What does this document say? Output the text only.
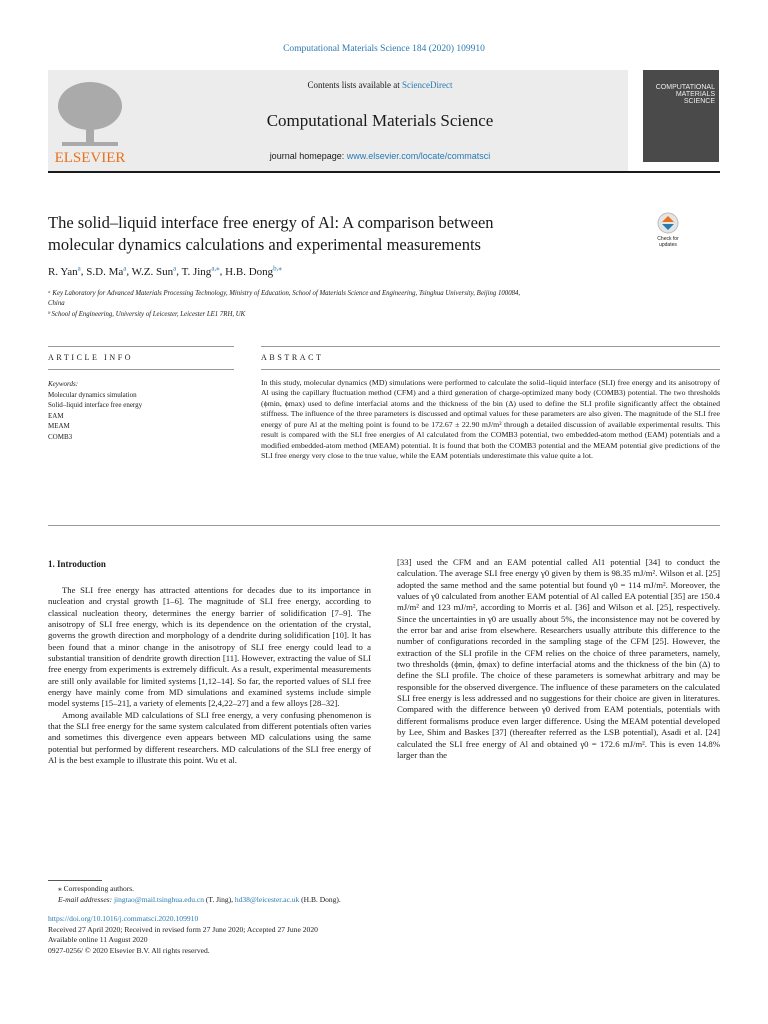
Computational Materials Science 184 (2020) 109910
ELSEVIER
Contents lists available at ScienceDirect
Computational Materials Science
journal homepage: www.elsevier.com/locate/commatsci
COMPUTATIONAL
MATERIALS
SCIENCE
The solid–liquid interface free energy of Al: A comparison between
molecular dynamics calculations and experimental measurements	Check for updates
R. Yan$^a$, S.D. Ma$^a$, W.Z. Sun$^a$, T. Jing$^{a,⁎}$, H.B. Dong$^{b,⁎}$
ᵃ Key Laboratory for Advanced Materials Processing Technology, Ministry of Education, School of Materials Science and Engineering, Tsinghua University, Beijing 100084,
China
ᵇ School of Engineering, University of Leicester, Leicester LE1 7RH, UK
ARTICLE INFO	ABSTRACT
Keywords:
Molecular dynamics simulation
Solid–liquid interface free energy
EAM
MEAM
COMB3
In this study, molecular dynamics (MD) simulations were performed to calculate the solid–liquid interface (SLI) free energy and its anisotropy of Al using the capillary fluctuation method (CFM) and a third generation of charge-optimized many body (COMB3) potential. The two thresholds (ϕmin, ϕmax) used to define interfacial atoms and the thickness of the bin (Δ) used to define the SLI profile significantly affect the obtained stiffness. The influence of the three parameters is discussed and optimal values for these parameters are also given. The magnitude of the SLI free energy of pure Al at the melting point is found to be 172.67 ± 22.90 mJ/m² through a detailed discussion of available experimental results. This result is compared with the SLI free energies of Al calculated from the COMB3 potential, two embedded-atom method (EAM) potentials and a modified embedded-atom method (MEAM) potential. It is found that both the COMB3 potential and the MEAM potential give predictions of the SLI free energy very close to the true value, while the EAM potentials underestimate this value quite a lot.
1. Introduction

The SLI free energy has attracted attentions for decades due to its importance in nucleation and crystal growth [1–6]. The magnitude of SLI free energy, according to classical nucleation theory, determines the energy barrier of solidification [7–9]. The anisotropy of SLI free energy, which is its dependence on the orientation of the crystal, governs the growth direction and morphology of a dendrite during solidification [10]. It has been found that a minor change in the anisotropy of SLI free energy could lead to a substantial transition of dendrite growth direction [11]. However, extracting the value of SLI free energy from experiments is extremely difficult. As a result, experimental measurements are still only available for limited systems [1,12–14]. So far, the reported values of SLI free energy have mainly come from MD simulations and examined systems include simple model systems [15–21], a variety of elements [2,4,22–27] and a few alloys [28–32].

Among available MD calculations of SLI free energy, a very confusing phenomenon is that the SLI free energy for the same system calculated from different potentials often varies and sometimes this divergence even appears between MD calculations using the same potential but performed by different researchers. MD calculations of the SLI free energy of Al is the best example to illustrate this point. Wu et al.

[33] used the CFM and an EAM potential called Al1 potential [34] to conduct the calculation. The average SLI free energy γ0 given by them is 98.35 mJ/m². Wilson et al. [25] adopted the same method and the same potential but found γ0 = 114 mJ/m². Moreover, the values of γ0 calculated from another EAM potential of Al called EA potential [35] are 150.4 mJ/m² and 123 mJ/m², according to Morris et al. [36] and Wilson et al. [25], respectively. Since the uncertainties in γ0 are usually about 5%, the inconsistence may not be covered by the error bar and arise from elsewhere. Researchers usually attribute this difference to the number of configurations recorded in the sampling stage of the CFM [25]. However, the extraction of the SLI profile in the CFM relies on the choice of three parameters, namely, two thresholds (ϕmin, ϕmax) to define interfacial atoms and the thickness of the bin (Δ) to define the SLI profile. The choice of these parameters is somewhat arbitrary and may be responsible for the observed divergence. The influence of these parameters on the calculated SLI free energy is less addressed and no suggestions for their choice are given in literatures. Compared with the difference between γ0 derived from EAM potentials, potentials with different formalisms produce even larger difference. Using the MEAM potential developed by Lee, Shim and Baskes [37] (thereafter referred as the LSB potential), Asadi et al. [24] calculated the SLI free energy of Al and obtained γ0 = 172.6 mJ/m². This is even 14.8% larger than the

⁎ Corresponding authors.
E-mail addresses: jingtao@mail.tsinghua.edu.cn (T. Jing), hd38@leicester.ac.uk (H.B. Dong).
https://doi.org/10.1016/j.commatsci.2020.109910
Received 27 April 2020; Received in revised form 27 June 2020; Accepted 27 June 2020
Available online 11 August 2020
0927-0256/ © 2020 Elsevier B.V. All rights reserved.
